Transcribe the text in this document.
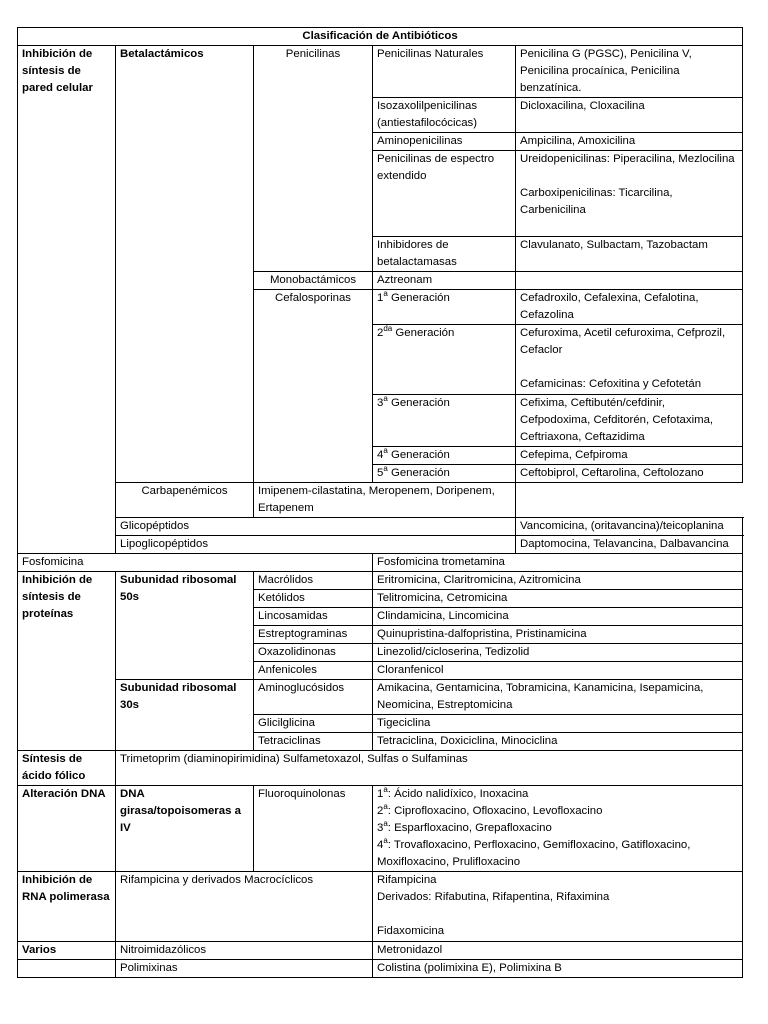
Clasificación de Antibióticos				
Inhibición de síntesis de pared celular	Betalactámicos	Penicilinas	Penicilinas Naturales	Penicilina G (PGSC), Penicilina V, Penicilina procaínica, Penicilina benzatínica.
			Isozaxolilpenicilinas (antiestafilocócicas)	Dicloxacilina, Cloxacilina
			Aminopenicilinas	Ampicilina, Amoxicilina
			Penicilinas de espectro extendido	Ureidopenicilinas: Piperacilina, Mezlocilina

Carboxipenicilinas: Ticarcilina, Carbenicilina
			Inhibidores de betalactamasas	Clavulanato, Sulbactam, Tazobactam
		Monobactámicos	Aztreonam	
		Cefalosporinas	1$^a$ Generación	Cefadroxilo, Cefalexina, Cefalotina, Cefazolina
			$2^{da}$ Generación	Cefuroxima, Acetil cefuroxima, Cefprozil, Cefaclor

Cefamicinas: Cefoxitina y Cefotetán
			3$^a$ Generación	Cefixima, Ceftibutén/cefdinir, Cefpodoxima, Cefditorén, Cefotaxima, Ceftriaxona, Ceftazidima
			4$^a$ Generación	Cefepima, Cefpiroma
			5$^a$ Generación	Ceftobiprol, Ceftarolina, Ceftolozano
	Carbapenémicos	Imipenem-cilastatina, Meropenem, Doripenem, Ertapenem		
	Glicopéptidos			Vancomicina, (oritavancina)/teicoplanina
	Lipoglicopéptidos			Daptomocina, Telavancina, Dalbavancina
Fosfomicina			Fosfomicina trometamina	
Inhibición de síntesis de proteínas	Subunidad ribosomal 50s	Macrólidos	Eritromicina, Claritromicina, Azitromicina	
		Ketólidos	Telitromicina, Cetromicina	
		Lincosamidas	Clindamicina, Lincomicina	
		Estreptograminas	Quinupristina-dalfopristina, Pristinamicina	
		Oxazolidinonas	Linezolid/cicloserina, Tedizolid	
		Anfenicoles	Cloranfenicol	
	Subunidad ribosomal 30s	Aminoglucósidos	Amikacina, Gentamicina, Tobramicina, Kanamicina, Isepamicina, Neomicina, Estreptomicina	
		Glicilglicina	Tigeciclina	
		Tetraciclinas	Tetraciclina, Doxiciclina, Minociclina	
Síntesis de ácido fólico	Trimetoprim (diaminopirimidina) Sulfametoxazol, Sulfas o Sulfaminas			
Alteración DNA	DNA girasa/topoisomeras a IV	Fluoroquinolonas	1$^a$: Ácido nalidíxico, Inoxacina
2$^a$: Ciprofloxacino, Ofloxacino, Levofloxacino
3$^a$: Esparfloxacino, Grepafloxacino
4$^a$: Trovafloxacino, Perfloxacino, Gemifloxacino, Gatifloxacino, Moxifloxacino, Prulifloxacino	

Inhibición de RNA polimerasa	Rifampicina y derivados Macrocíclicos		Rifampicina
Derivados: Rifabutina, Rifapentina, Rifaximina

Fidaxomicina	
Varios	Nitroimidazólicos		Metronidazol	
	Polimixinas		Colistina (polimixina E), Polimixina B	
